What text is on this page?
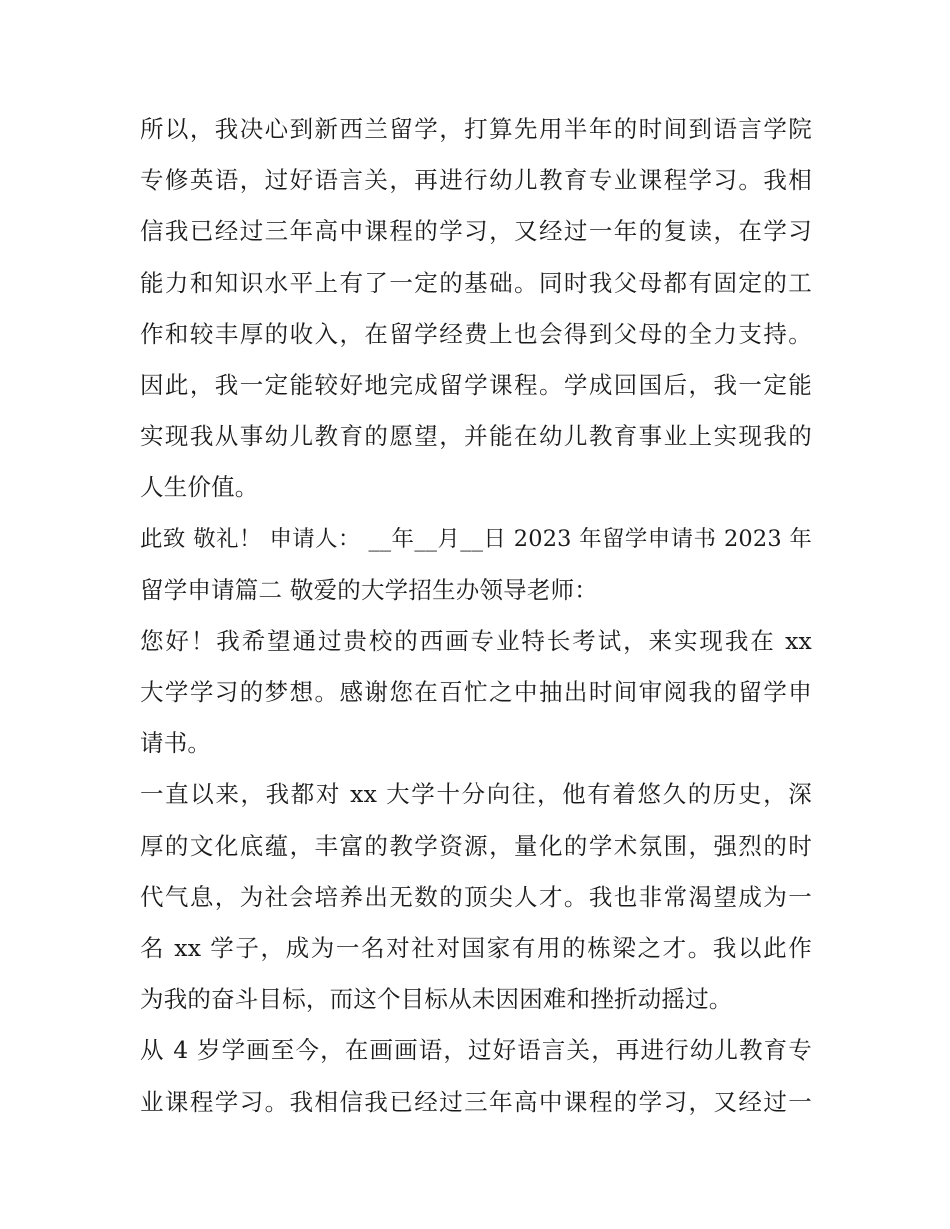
所以，我决心到新西兰留学，打算先用半年的时间到语言学院
专修英语，过好语言关，再进行幼儿教育专业课程学习。我相
信我已经过三年高中课程的学习，又经过一年的复读，在学习
能力和知识水平上有了一定的基础。同时我父母都有固定的工
作和较丰厚的收入，在留学经费上也会得到父母的全力支持。
因此，我一定能较好地完成留学课程。学成回国后，我一定能
实现我从事幼儿教育的愿望，并能在幼儿教育事业上实现我的
人生价值。
此致 敬礼！ 申请人： __年__月__日 2023 年留学申请书 2023 年
留学申请篇二 敬爱的大学招生办领导老师：
您好！我希望通过贵校的西画专业特长考试，来实现我在 xx
大学学习的梦想。感谢您在百忙之中抽出时间审阅我的留学申
请书。
一直以来，我都对 xx 大学十分向往，他有着悠久的历史，深
厚的文化底蕴，丰富的教学资源，量化的学术氛围，强烈的时
代气息，为社会培养出无数的顶尖人才。我也非常渴望成为一
名 xx 学子，成为一名对社对国家有用的栋梁之才。我以此作
为我的奋斗目标，而这个目标从未因困难和挫折动摇过。
从 4 岁学画至今，在画画语，过好语言关，再进行幼儿教育专
业课程学习。我相信我已经过三年高中课程的学习，又经过一
